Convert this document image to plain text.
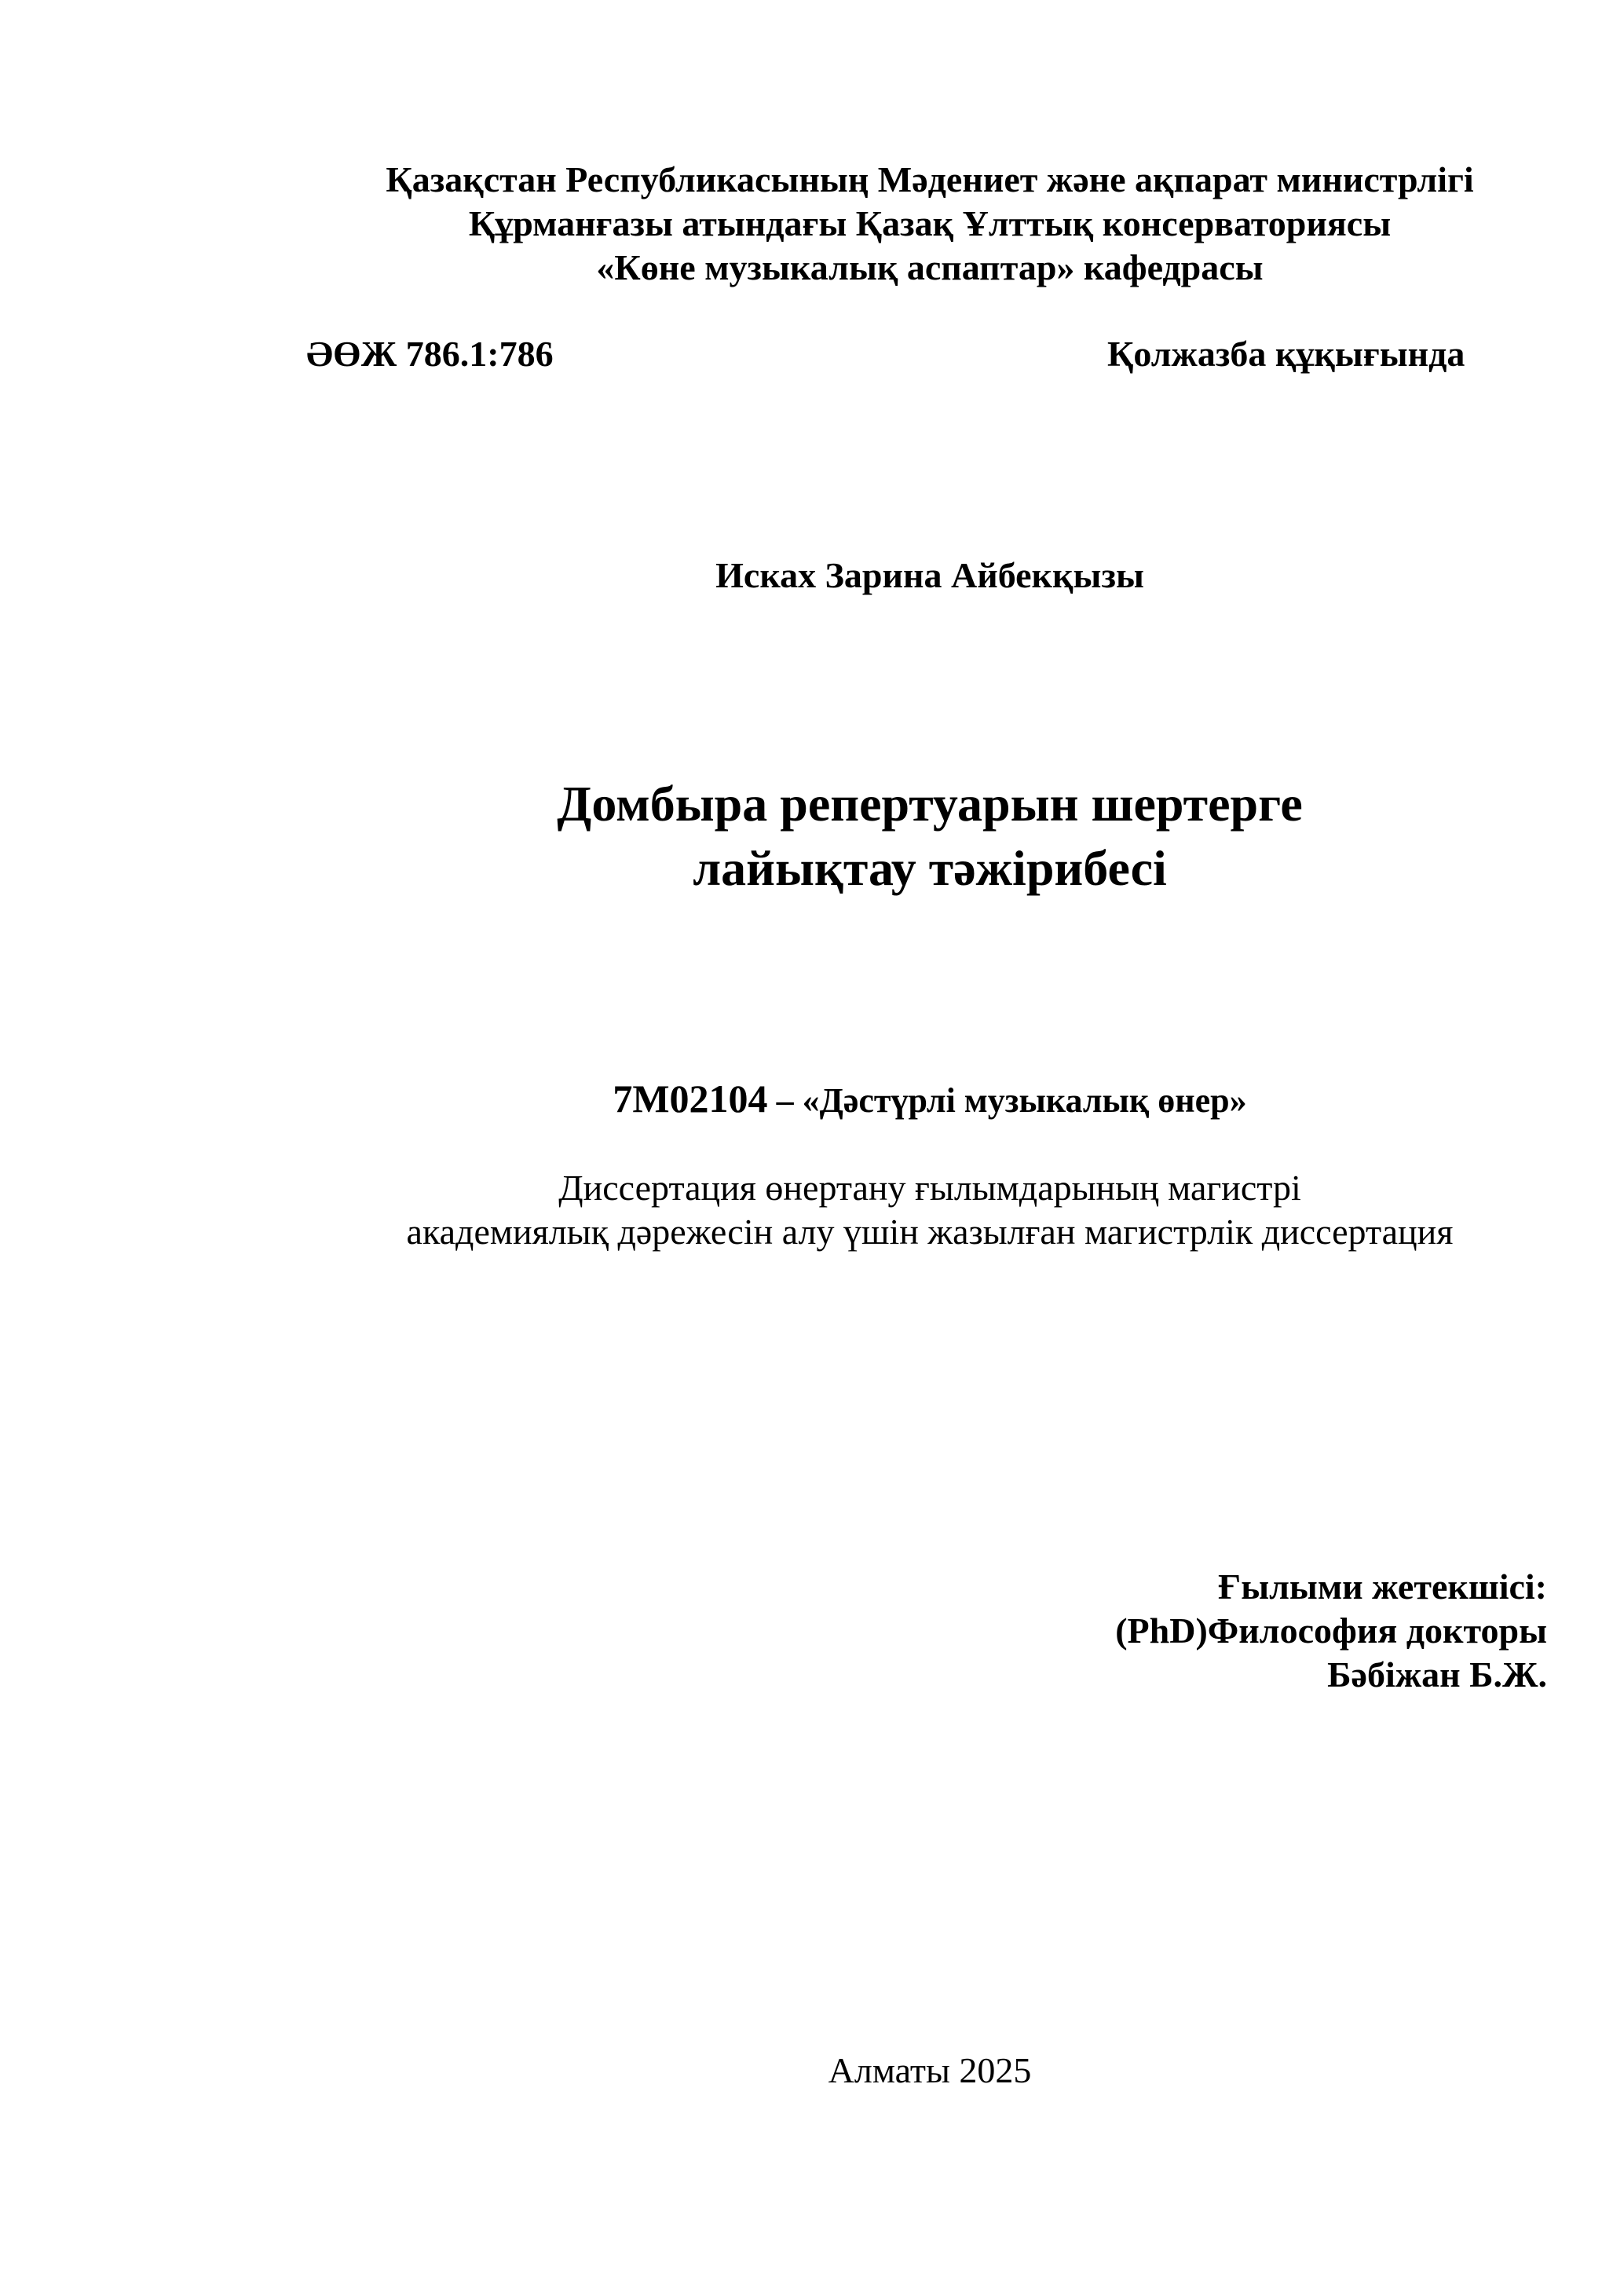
Қазақстан Республикасының Мәдениет және ақпарат министрлігі
Құрманғазы атындағы Қазақ Ұлттық консерваториясы
«Көне музыкалық аспаптар» кафедрасы
ӘӨЖ 786.1:786	Қолжазба құқығында
Исках Зарина Айбекқызы
Домбыра репертуарын шертерге
лайықтау тәжірибесі
7М02104 – «Дәстүрлі музыкалық өнер»
Диссертация өнертану ғылымдарының магистрі
академиялық дәрежесін алу үшін жазылған магистрлік диссертация
Ғылыми жетекшісі:
(PhD)Философия докторы
Бәбіжан Б.Ж.
Алматы 2025
